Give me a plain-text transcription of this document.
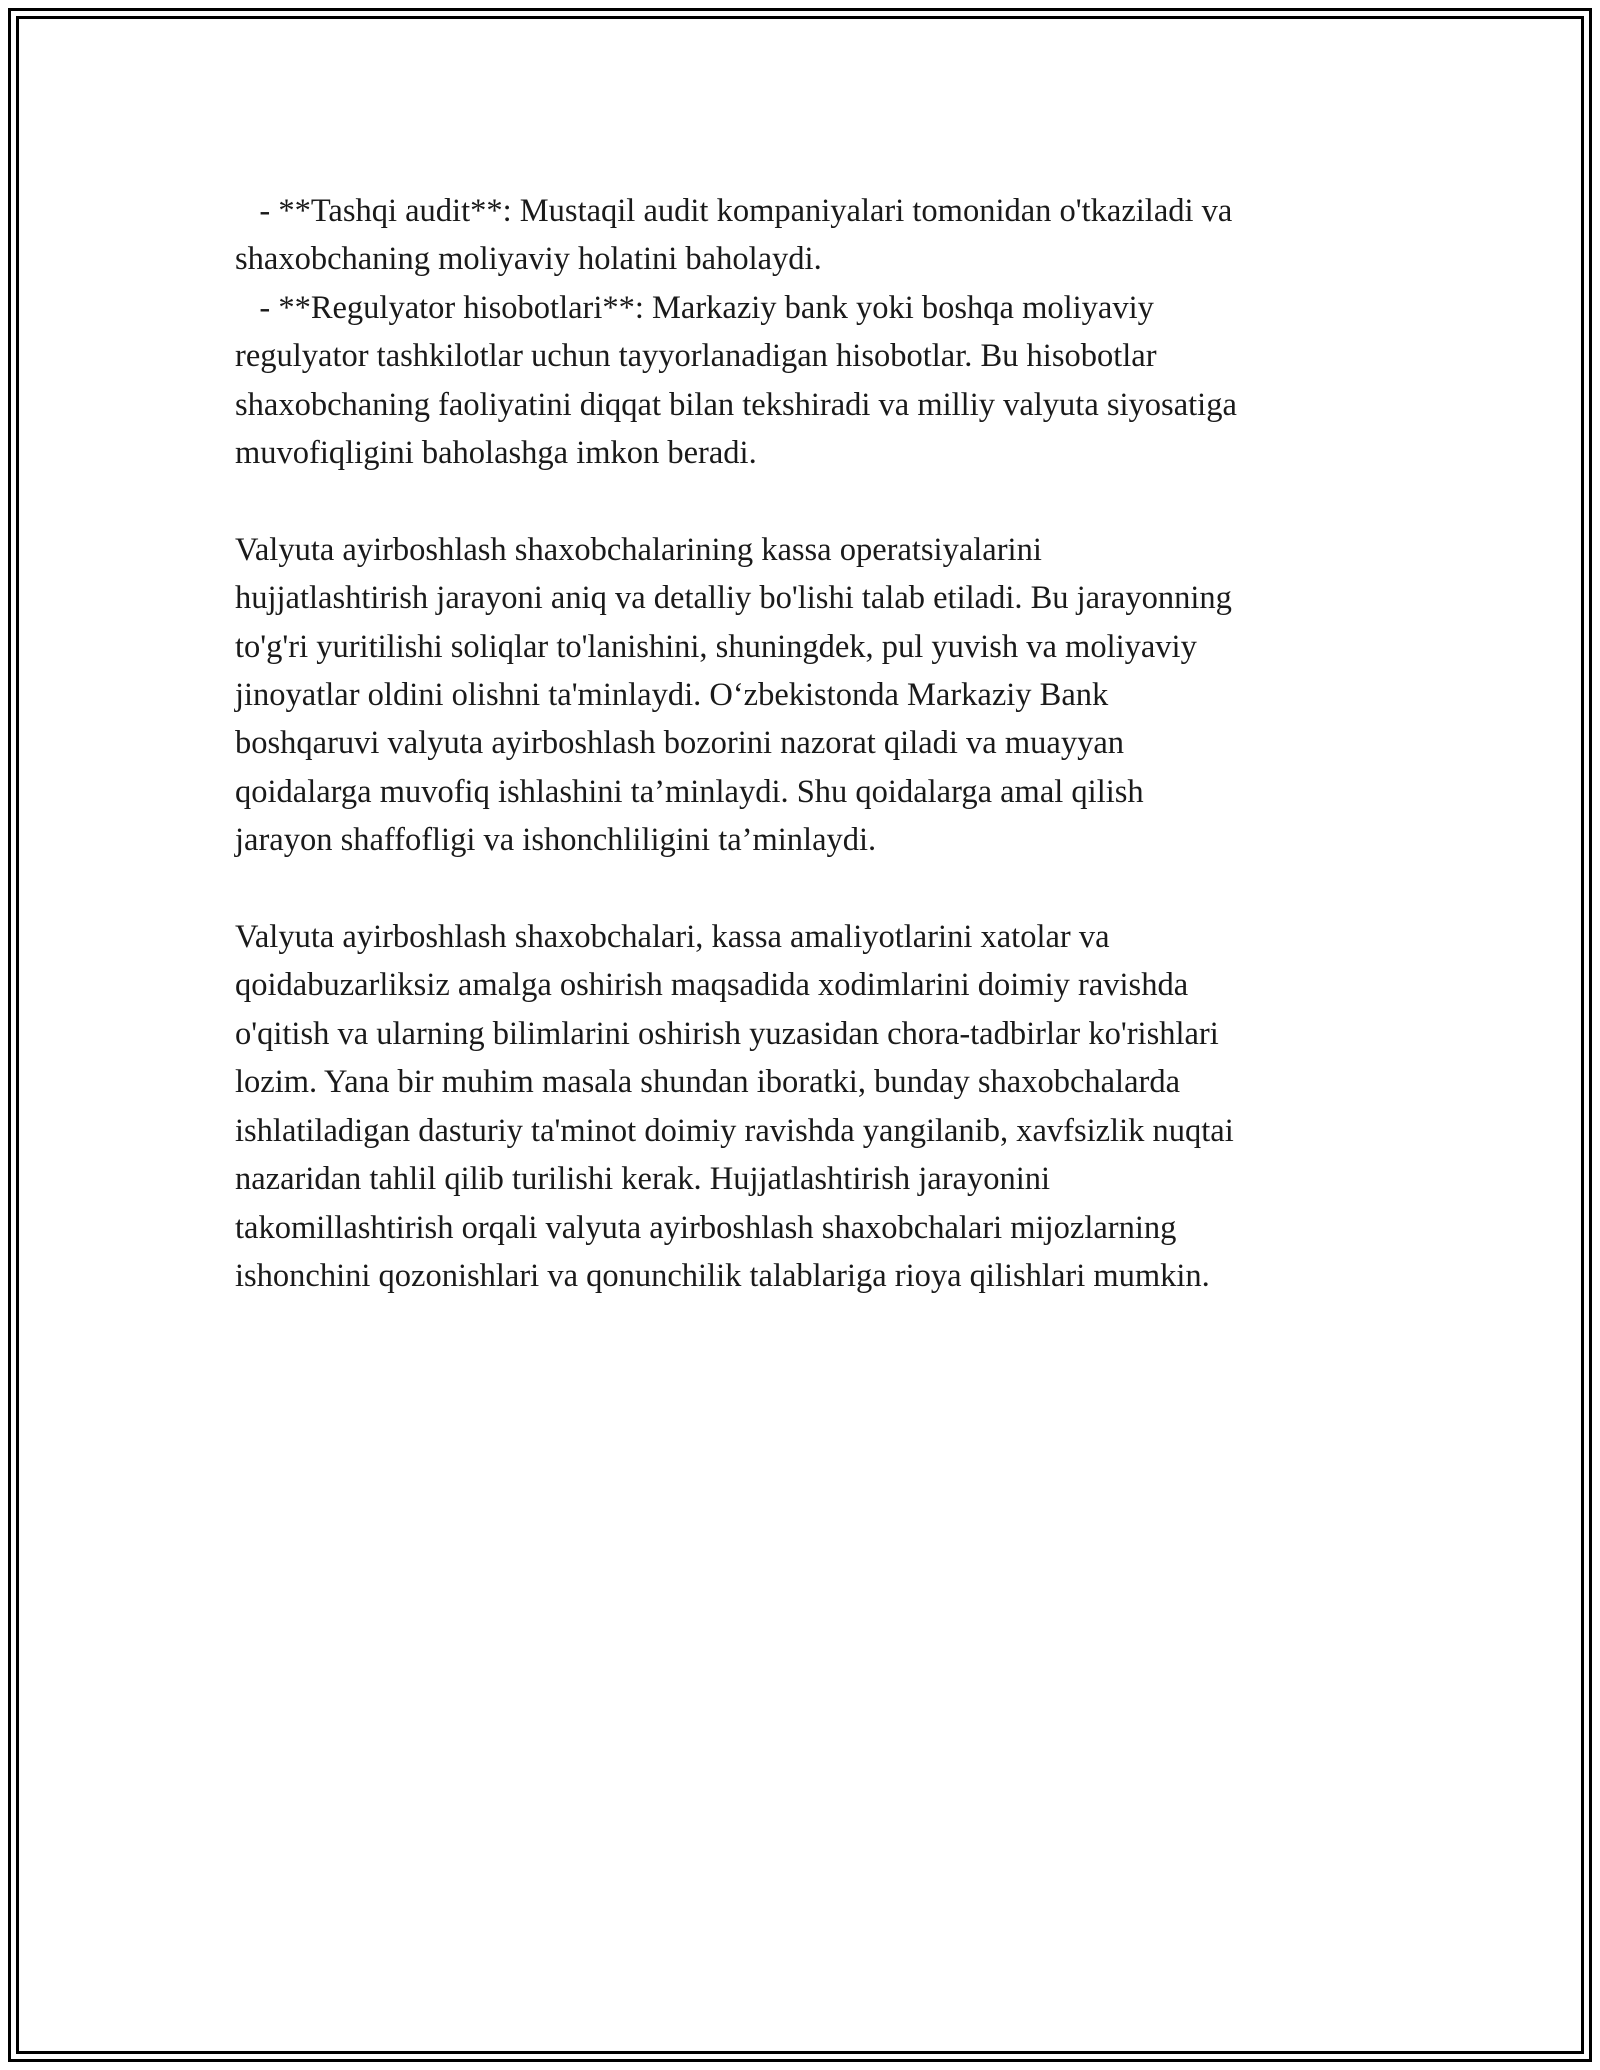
- **Tashqi audit**: Mustaqil audit kompaniyalari tomonidan o'tkaziladi va
shaxobchaning moliyaviy holatini baholaydi.
- **Regulyator hisobotlari**: Markaziy bank yoki boshqa moliyaviy
regulyator tashkilotlar uchun tayyorlanadigan hisobotlar. Bu hisobotlar
shaxobchaning faoliyatini diqqat bilan tekshiradi va milliy valyuta siyosatiga
muvofiqligini baholashga imkon beradi.
Valyuta ayirboshlash shaxobchalarining kassa operatsiyalarini
hujjatlashtirish jarayoni aniq va detalliy bo'lishi talab etiladi. Bu jarayonning
to'g'ri yuritilishi soliqlar to'lanishini, shuningdek, pul yuvish va moliyaviy
jinoyatlar oldini olishni ta'minlaydi. O‘zbekistonda Markaziy Bank
boshqaruvi valyuta ayirboshlash bozorini nazorat qiladi va muayyan
qoidalarga muvofiq ishlashini ta’minlaydi. Shu qoidalarga amal qilish
jarayon shaffofligi va ishonchliligini ta’minlaydi.
Valyuta ayirboshlash shaxobchalari, kassa amaliyotlarini xatolar va
qoidabuzarliksiz amalga oshirish maqsadida xodimlarini doimiy ravishda
o'qitish va ularning bilimlarini oshirish yuzasidan chora-tadbirlar ko'rishlari
lozim. Yana bir muhim masala shundan iboratki, bunday shaxobchalarda
ishlatiladigan dasturiy ta'minot doimiy ravishda yangilanib, xavfsizlik nuqtai
nazaridan tahlil qilib turilishi kerak. Hujjatlashtirish jarayonini
takomillashtirish orqali valyuta ayirboshlash shaxobchalari mijozlarning
ishonchini qozonishlari va qonunchilik talablariga rioya qilishlari mumkin.
